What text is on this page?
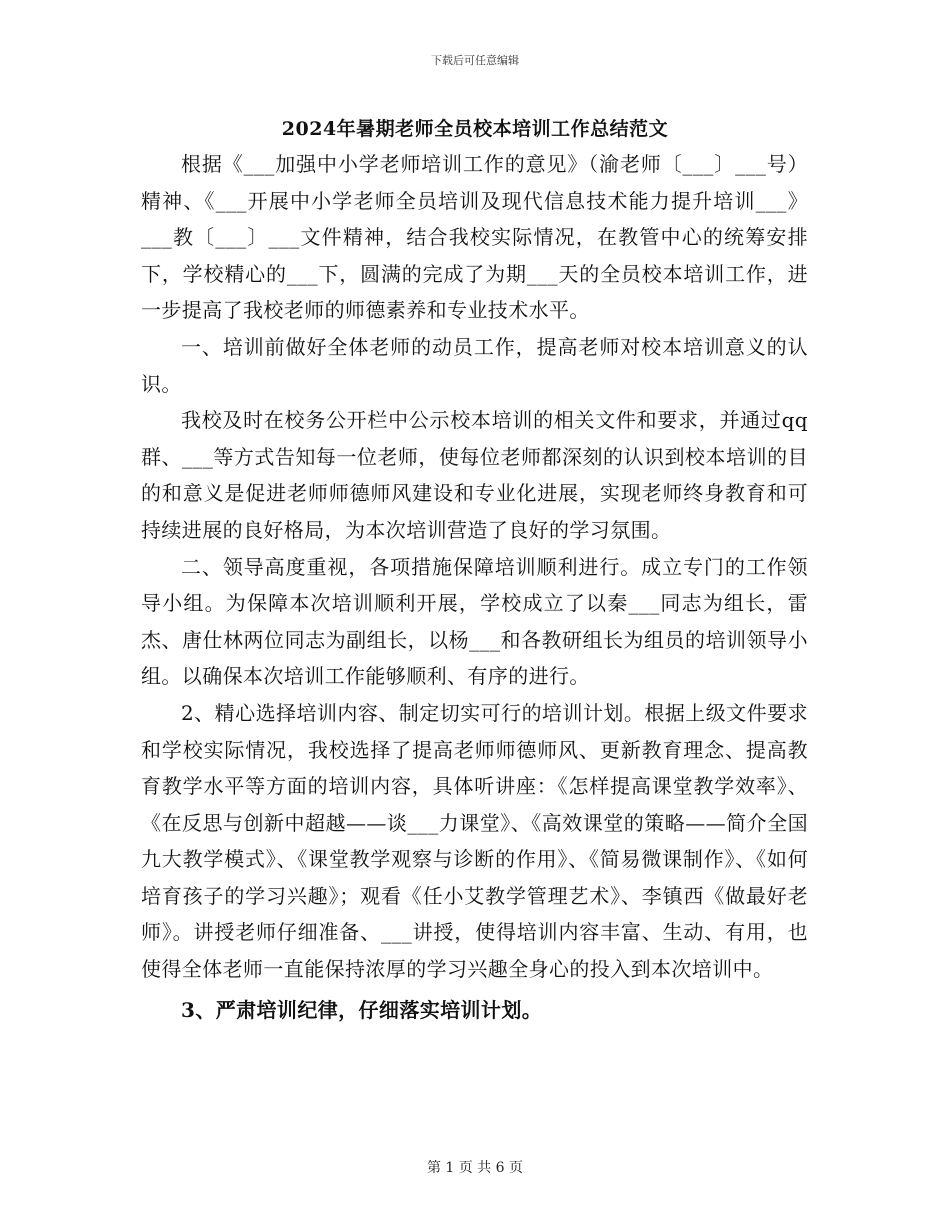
下载后可任意编辑
2024年暑期老师全员校本培训工作总结范文

根据《___加强中小学老师培训工作的意见》（渝老师〔___〕___号）精神、《___开展中小学老师全员培训及现代信息技术能力提升培训___》___教〔___〕___文件精神，结合我校实际情况，在教管中心的统筹安排下，学校精心的___下，圆满的完成了为期___天的全员校本培训工作，进一步提高了我校老师的师德素养和专业技术水平。

一、培训前做好全体老师的动员工作，提高老师对校本培训意义的认识。

我校及时在校务公开栏中公示校本培训的相关文件和要求，并通过qq群、___等方式告知每一位老师，使每位老师都深刻的认识到校本培训的目的和意义是促进老师师德师风建设和专业化进展，实现老师终身教育和可持续进展的良好格局，为本次培训营造了良好的学习氛围。

二、领导高度重视，各项措施保障培训顺利进行。成立专门的工作领导小组。为保障本次培训顺利开展，学校成立了以秦___同志为组长，雷杰、唐仕林两位同志为副组长，以杨___和各教研组长为组员的培训领导小组。以确保本次培训工作能够顺利、有序的进行。

2、精心选择培训内容、制定切实可行的培训计划。根据上级文件要求和学校实际情况，我校选择了提高老师师德师风、更新教育理念、提高教育教学水平等方面的培训内容，具体听讲座：《怎样提高课堂教学效率》、《在反思与创新中超越——谈___力课堂》、《高效课堂的策略——简介全国九大教学模式》、《课堂教学观察与诊断的作用》、《简易微课制作》、《如何培育孩子的学习兴趣》；观看《任小艾教学管理艺术》、李镇西《做最好老师》。讲授老师仔细准备、___讲授，使得培训内容丰富、生动、有用，也使得全体老师一直能保持浓厚的学习兴趣全身心的投入到本次培训中。

3、严肃培训纪律，仔细落实培训计划。

第 1 页 共 6 页
